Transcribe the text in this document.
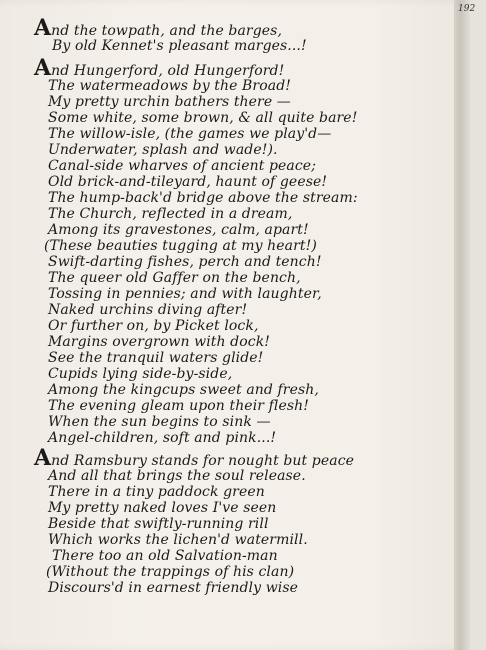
192
And the towpath, and the barges,
By old Kennet's pleasant marges...!
And Hungerford, old Hungerford!
The watermeadows by the Broad!
My pretty urchin bathers there —
Some white, some brown, & all quite bare!
The willow-isle, (the games we play'd—
Underwater, splash and wade!).
Canal-side wharves of ancient peace;
Old brick-and-tileyard, haunt of geese!
The hump-back'd bridge above the stream:
The Church, reflected in a dream,
Among its gravestones, calm, apart!
(These beauties tugging at my heart!)
Swift-darting fishes, perch and tench!
The queer old Gaffer on the bench,
Tossing in pennies; and with laughter,
Naked urchins diving after!
Or further on, by Picket lock,
Margins overgrown with dock!
See the tranquil waters glide!
Cupids lying side-by-side,
Among the kingcups sweet and fresh,
The evening gleam upon their flesh!
When the sun begins to sink —
Angel-children, soft and pink...!
And Ramsbury stands for nought but peace
And all that brings the soul release.
There in a tiny paddock green
My pretty naked loves I've seen
Beside that swiftly-running rill
Which works the lichen'd watermill.
There too an old Salvation-man
(Without the trappings of his clan)
Discours'd in earnest friendly wise
